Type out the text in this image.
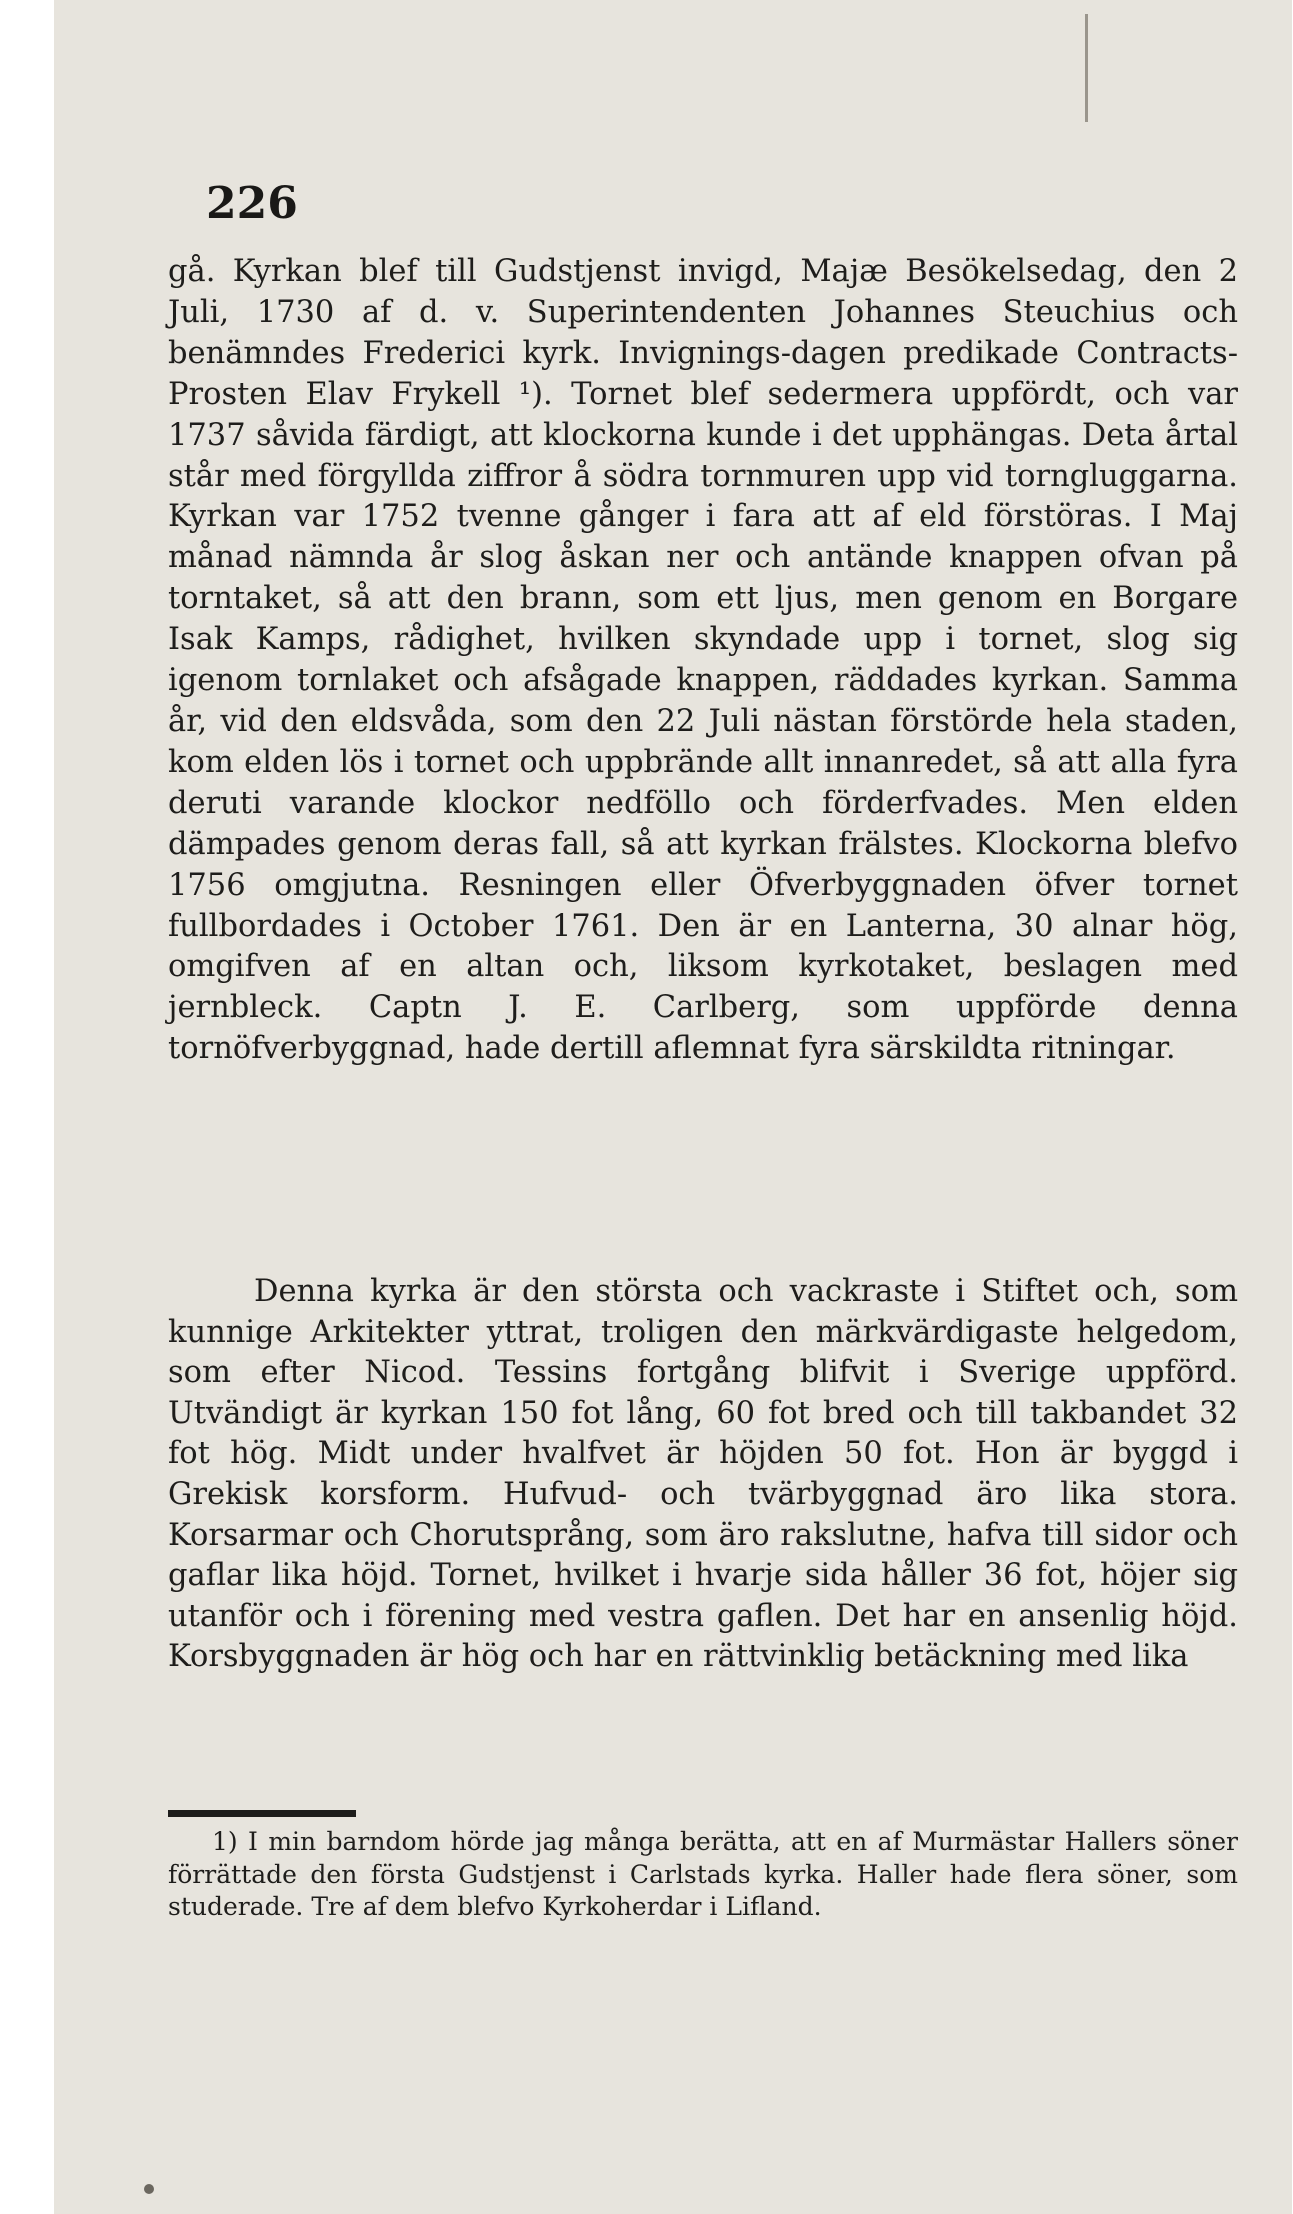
226

gå. Kyrkan blef till Gudstjenst invigd, Majæ Besökelsedag, den 2 Juli, 1730 af d. v. Superintendenten Johannes Steuchius och benämndes Frederici kyrk. Invignings-dagen predikade Contracts-Prosten Elav Frykell ¹). Tornet blef sedermera uppfördt, och var 1737 såvida färdigt, att klockorna kunde i det upphängas. Deta årtal står med förgyllda ziffror å södra tornmuren upp vid torngluggarna. Kyrkan var 1752 tvenne gånger i fara att af eld förstöras. I Maj månad nämnda år slog åskan ner och antände knappen ofvan på torntaket, så att den brann, som ett ljus, men genom en Borgare Isak Kamps, rådighet, hvilken skyndade upp i tornet, slog sig igenom tornlaket och afsågade knappen, räddades kyrkan. Samma år, vid den eldsvåda, som den 22 Juli nästan förstörde hela staden, kom elden lös i tornet och uppbrände allt innanredet, så att alla fyra deruti varande klockor nedföllo och förderfvades. Men elden dämpades genom deras fall, så att kyrkan frälstes. Klockorna blefvo 1756 omgjutna. Resningen eller Öfverbyggnaden öfver tornet fullbordades i October 1761. Den är en Lanterna, 30 alnar hög, omgifven af en altan och, liksom kyrkotaket, beslagen med jernbleck. Captn J. E. Carlberg, som uppförde denna tornöfverbyggnad, hade dertill aflemnat fyra särskildta ritningar.

Denna kyrka är den största och vackraste i Stiftet och, som kunnige Arkitekter yttrat, troligen den märkvärdigaste helgedom, som efter Nicod. Tessins fortgång blifvit i Sverige uppförd. Utvändigt är kyrkan 150 fot lång, 60 fot bred och till takbandet 32 fot hög. Midt under hvalfvet är höjden 50 fot. Hon är byggd i Grekisk korsform. Hufvud- och tvärbyggnad äro lika stora. Korsarmar och Chorutsprång, som äro rakslutne, hafva till sidor och gaflar lika höjd. Tornet, hvilket i hvarje sida håller 36 fot, höjer sig utanför och i förening med vestra gaflen. Det har en ansenlig höjd. Korsbyggnaden är hög och har en rättvinklig betäckning med lika

1) I min barndom hörde jag många berätta, att en af Murmästar Hallers söner förrättade den första Gudstjenst i Carlstads kyrka. Haller hade flera söner, som studerade. Tre af dem blefvo Kyrkoherdar i Lifland.
